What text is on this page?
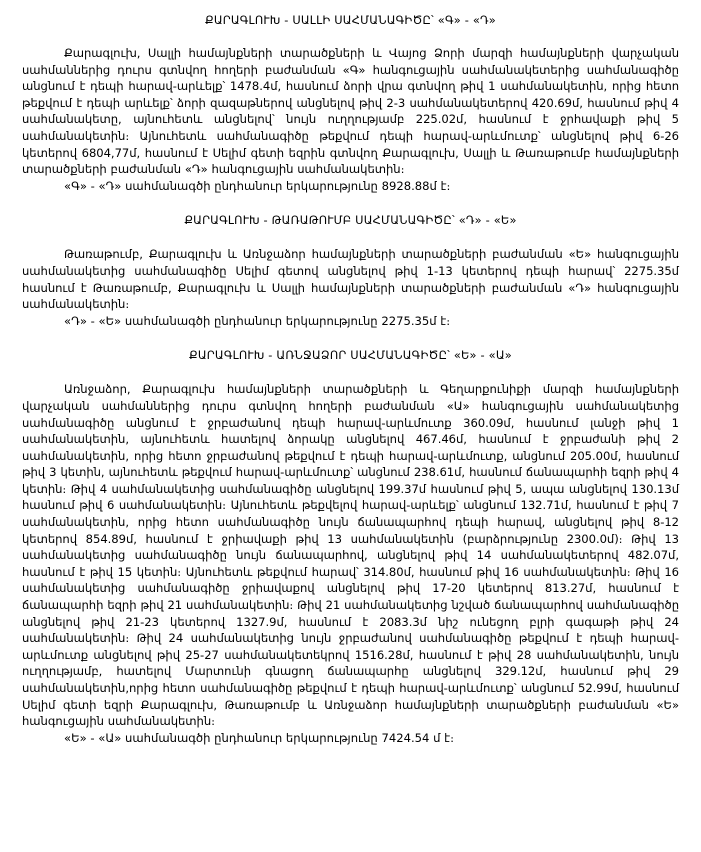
ՔԱՐԱԳԼՈՒԽ - ՍԱԼԼԻ ՍԱՀՄԱՆԱԳԻԾԸ՝ «Գ» - «Դ»

Քարագլուխ, Սալլի համայնքների տարածքների և Վայոց Ձորի մարզի համայնքների վարչական սահմաններից դուրս գտնվող հողերի բաժանման «Գ» հանգուցային սահմանակետերից սահմանագիծը անցնում է դեպի հարավ-արևելք՝ 1478.4մ, հասնում ձորի վրա գտնվող թիվ 1 սահմանակետին, որից հետո թեքվում է դեպի արևելք՝ ձորի զազաթներով անցնելով թիվ 2-3 սահմանակետերով 420.69մ, հասնում թիվ 4 սահմանակետը, այնուհետև անցնելով՝ նույն ուղղությամբ 225.02մ, հասնում է ջրհավաքի թիվ 5 սահմանակետին։ Այնուհետև սահմանագիծը թեքվում դեպի հարավ-արևմուտք՝ անցնելով թիվ 6-26 կետերով 6804,77մ, հասնում է Սելիմ գետի եզրին գտնվող Քարագլուխ, Սալլի և Թառաթումբ համայնքների տարածքների բաժանման «Դ» հանգուցային սահմանակետին։

«Գ» - «Դ» սահմանագծի ընդհանուր երկարությունը 8928.88մ է։

ՔԱՐԱԳԼՈՒԽ - ԹԱՌԱԹՈՒՄԲ ՍԱՀՄԱՆԱԳԻԾԸ՝ «Դ» - «Ե»

Թառաթումբ, Քարագլուխ և Առնջաձոր համայնքների տարածքների բաժանման «Ե» հանգուցային սահմանակետից սահմանագիծը Սելիմ գետով անցնելով թիվ 1-13 կետերով դեպի հարավ՝ 2275.35մ հասնում է Թառաթումբ, Քարագլուխ և Սալլի համայնքների տարածքների բաժանման «Դ» հանգուցային սահմանակետին։

«Դ» - «Ե» սահմանագծի ընդհանուր երկարությունը 2275.35մ է։

ՔԱՐԱԳԼՈՒԽ - ԱՌՆՋԱՁՈՐ ՍԱՀՄԱՆԱԳԻԾԸ՝ «Ե» - «Ա»

Առնջաձոր, Քարագլուխ համայնքների տարածքների և Գեղարքունիքի մարզի համայնքների վարչական սահմաններից դուրս գտնվող հողերի բաժանման «Ա» հանգուցային սահմանակետից սահմանագիծը անցնում է ջրբաժանով դեպի հարավ-արևմուտք 360.09մ, հասնում լանջի թիվ 1 սահմանակետին, այնուհետև հատելով ձորակը անցնելով 467.46մ, հասնում է ջրբաժանի թիվ 2 սահմանակետին, որից հետո ջրբաժանով թեքվում է դեպի հարավ-արևմուտք, անցնում 205.00մ, հասնում թիվ 3 կետին, այնուհետև թեքվում հարավ-արևմուտք՝ անցնում 238.61մ, հասնում ճանապարհի եզրի թիվ 4 կետին։ Թիվ 4 սահմանակետից սահմանագիծը անցնելով 199.37մ հասնում թիվ 5, ապա անցնելով 130.13մ հասնում թիվ 6 սահմանակետին։ Այնուհետև թեքվելով հարավ-արևելք՝ անցնում 132.71մ, հասնում է թիվ 7 սահմանակետին, որից հետո սահմանագիծը նույն ճանապարհով դեպի հարավ, անցնելով թիվ 8-12 կետերով 854.89մ, հասնում է ջրիավաքի թիվ 13 սահմանակետին (բարձրությունը 2300.0մ)։ Թիվ 13 սահմանակետից սահմանագիծը նույն ճանապարհով, անցնելով թիվ 14 սահմանակետերով 482.07մ, հասնում է թիվ 15 կետին։ Այնուհետև թեքվում հարավ՝ 314.80մ, հասնում թիվ 16 սահմանակետին։ Թիվ 16 սահմանակետից սահմանագիծը ջրիավաքով անցնելով թիվ 17-20 կետերով 813.27մ, հասնում է ճանապարհի եզրի թիվ 21 սահմանակետին։ Թիվ 21 սահմանակետից նշված ճանապարհով սահմանագիծը անցնելով թիվ 21-23 կետերով 1327.9մ, հասնում է 2083.3մ նիշ ունեցող բլրի գագաթի թիվ 24 սահմանակետին։ Թիվ 24 սահմանակետից նույն ջրբաժանով սահմանագիծը թեքվում է դեպի հարավ-արևմուտք անցնելով թիվ 25-27 սահմանակետեկրով 1516.28մ, հասնում է թիվ 28 սահմանակետին, նույն ուղղությամբ, հատելով Մարտունի գնացող ճանապարհը անցնելով 329.12մ, հասնում թիվ 29 սահմանակետին,որից հետո սահմանագիծը թեքվում է դեպի հարավ-արևմուտք՝ անցնում 52.99մ, հասնում Սելիմ գետի եզրի Քարագլուխ, Թառաթումբ և Առնջաձոր համայնքների տարածքների բաժանման «Ե» հանգուցային սահմանակետին։

«Ե» - «Ա» սահմանագծի ընդհանուր երկարությունը 7424.54 մ է։
